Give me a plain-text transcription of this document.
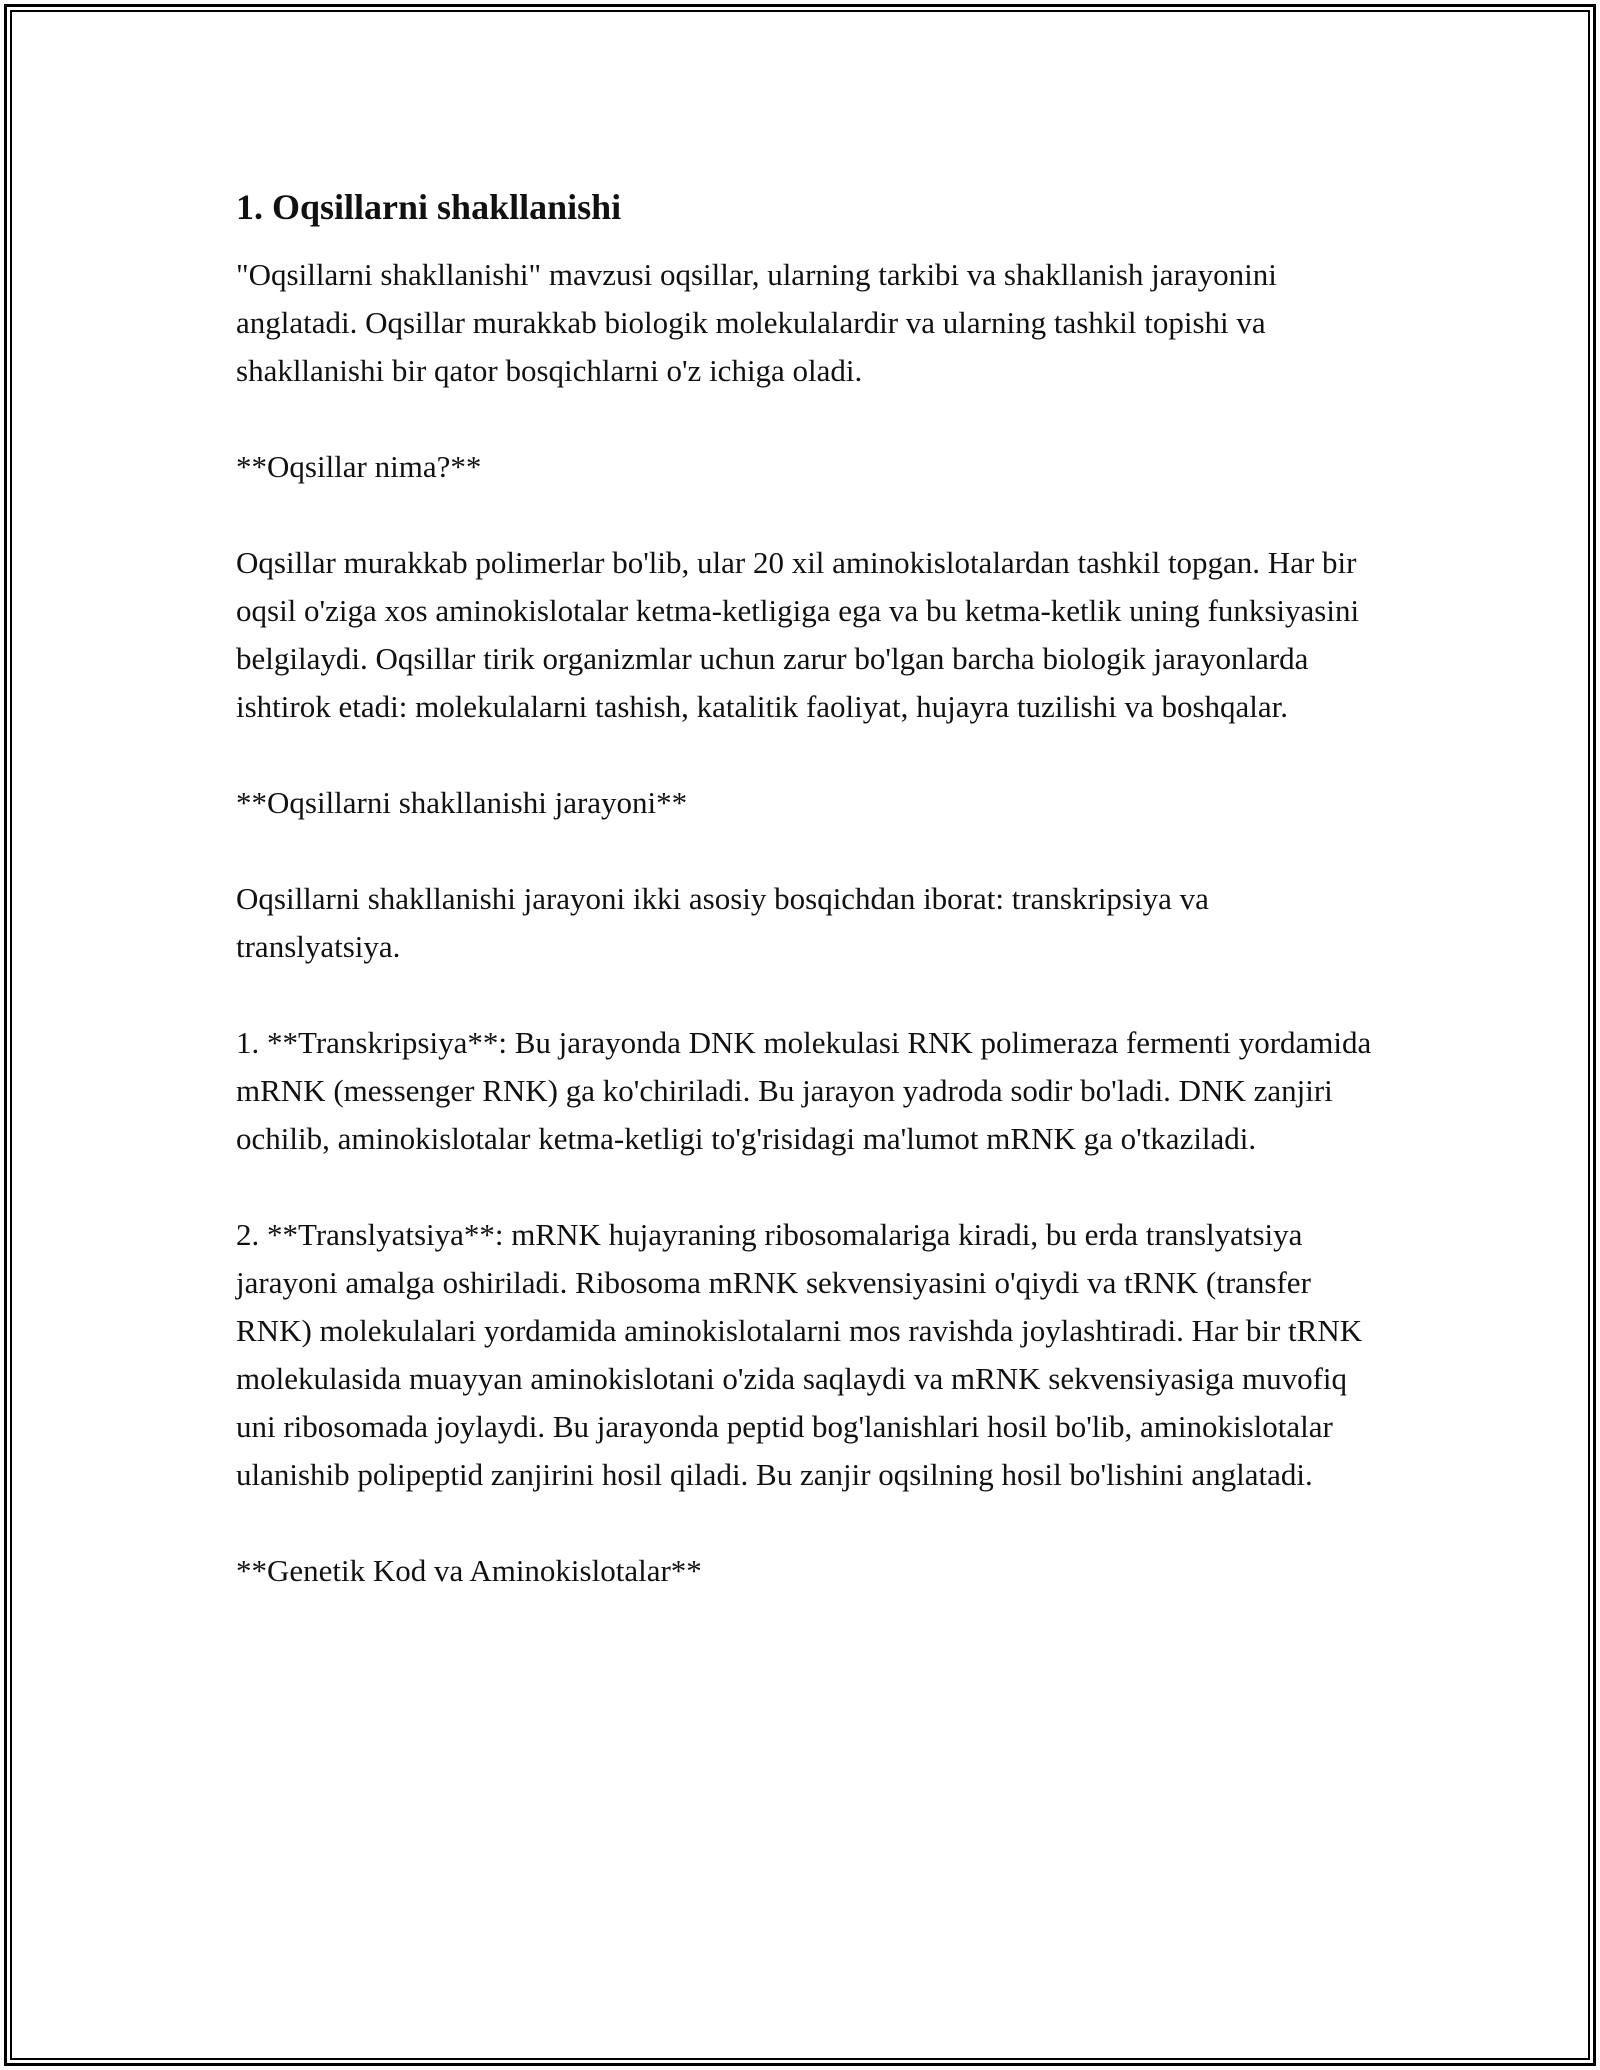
1. Oqsillarni shakllanishi

"Oqsillarni shakllanishi" mavzusi oqsillar, ularning tarkibi va shakllanish jarayonini anglatadi. Oqsillar murakkab biologik molekulalardir va ularning tashkil topishi va shakllanishi bir qator bosqichlarni o'z ichiga oladi.

**Oqsillar nima?**

Oqsillar murakkab polimerlar bo'lib, ular 20 xil aminokislotalardan tashkil topgan. Har bir oqsil o'ziga xos aminokislotalar ketma-ketligiga ega va bu ketma-ketlik uning funksiyasini belgilaydi. Oqsillar tirik organizmlar uchun zarur bo'lgan barcha biologik jarayonlarda ishtirok etadi: molekulalarni tashish, katalitik faoliyat, hujayra tuzilishi va boshqalar.

**Oqsillarni shakllanishi jarayoni**

Oqsillarni shakllanishi jarayoni ikki asosiy bosqichdan iborat: transkripsiya va translyatsiya.

1. **Transkripsiya**: Bu jarayonda DNK molekulasi RNK polimeraza fermenti yordamida mRNK (messenger RNK) ga ko'chiriladi. Bu jarayon yadroda sodir bo'ladi. DNK zanjiri ochilib, aminokislotalar ketma-ketligi to'g'risidagi ma'lumot mRNK ga o'tkaziladi.

2. **Translyatsiya**: mRNK hujayraning ribosomalariga kiradi, bu erda translyatsiya jarayoni amalga oshiriladi. Ribosoma mRNK sekvensiyasini o'qiydi va tRNK (transfer RNK) molekulalari yordamida aminokislotalarni mos ravishda joylashtiradi. Har bir tRNK molekulasida muayyan aminokislotani o'zida saqlaydi va mRNK sekvensiyasiga muvofiq uni ribosomada joylaydi. Bu jarayonda peptid bog'lanishlari hosil bo'lib, aminokislotalar ulanishib polipeptid zanjirini hosil qiladi. Bu zanjir oqsilning hosil bo'lishini anglatadi.

**Genetik Kod va Aminokislotalar**
